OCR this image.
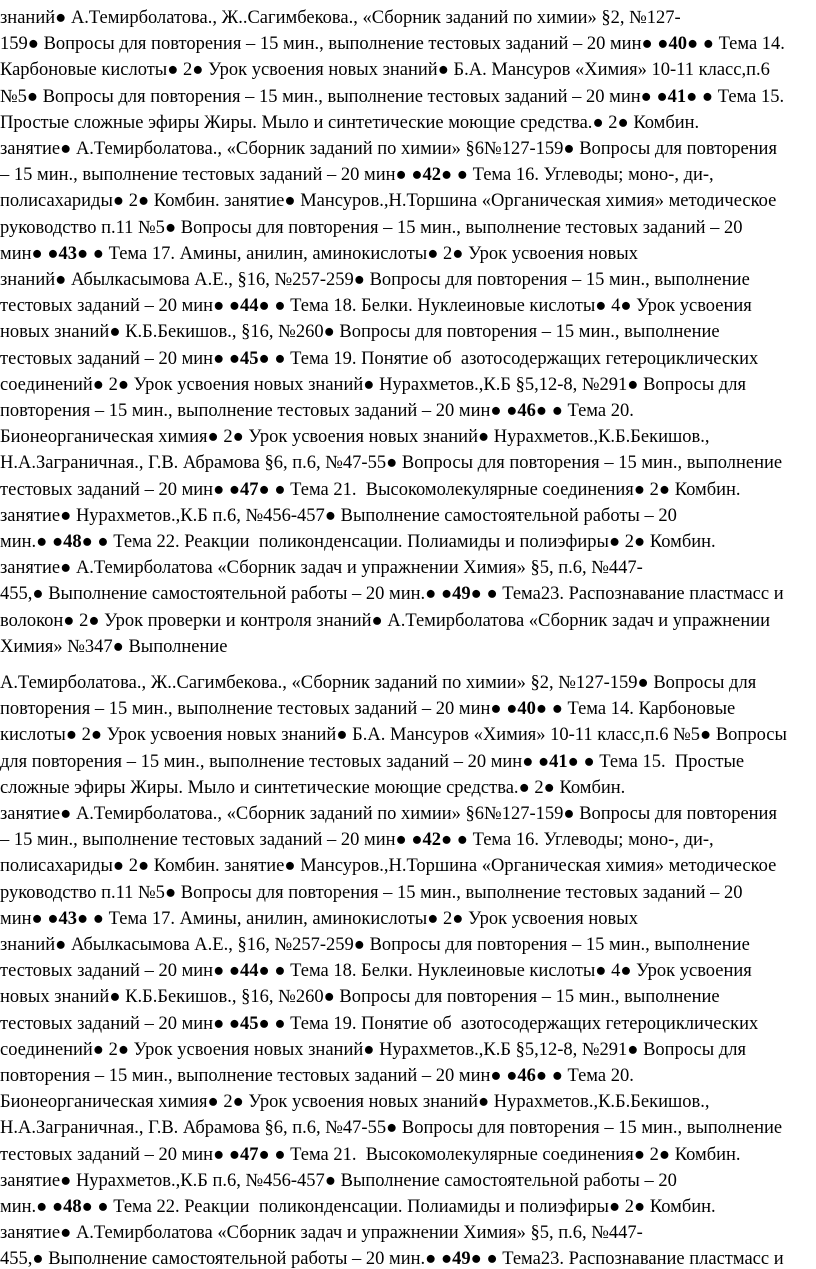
знаний● А.Темирболатова., Ж..Сагимбекова., «Сборник заданий по химии» §2, №127-
159● Вопросы для повторения – 15 мин., выполнение тестовых заданий – 20 мин● ●40● ● Тема 14.
Карбоновые кислоты● 2● Урок усвоения новых знаний● Б.А. Мансуров «Химия» 10-11 класс,п.6
№5● Вопросы для повторения – 15 мин., выполнение тестовых заданий – 20 мин● ●41● ● Тема 15.
Простые сложные эфиры Жиры. Мыло и синтетические моющие средства.● 2● Комбин.
занятие● А.Темирболатова., «Сборник заданий по химии» §6№127-159● Вопросы для повторения
– 15 мин., выполнение тестовых заданий – 20 мин● ●42● ● Тема 16. Углеводы; моно-, ди-,
полисахариды● 2● Комбин. занятие● Мансуров.,Н.Торшина «Органическая химия» методическое
руководство п.11 №5● Вопросы для повторения – 15 мин., выполнение тестовых заданий – 20
мин● ●43● ● Тема 17. Амины, анилин, аминокислоты● 2● Урок усвоения новых
знаний● Абылкасымова А.Е., §16, №257-259● Вопросы для повторения – 15 мин., выполнение
тестовых заданий – 20 мин● ●44● ● Тема 18. Белки. Нуклеиновые кислоты● 4● Урок усвоения
новых знаний● К.Б.Бекишов., §16, №260● Вопросы для повторения – 15 мин., выполнение
тестовых заданий – 20 мин● ●45● ● Тема 19. Понятие об  азотосодержащих гетероциклических
соединений● 2● Урок усвоения новых знаний● Нурахметов.,К.Б §5,12-8, №291● Вопросы для
повторения – 15 мин., выполнение тестовых заданий – 20 мин● ●46● ● Тема 20.
Бионеорганическая химия● 2● Урок усвоения новых знаний● Нурахметов.,К.Б.Бекишов.,
Н.А.Заграничная., Г.В. Абрамова §6, п.6, №47-55● Вопросы для повторения – 15 мин., выполнение
тестовых заданий – 20 мин● ●47● ● Тема 21.  Высокомолекулярные соединения● 2● Комбин.
занятие● Нурахметов.,К.Б п.6, №456-457● Выполнение самостоятельной работы – 20
мин.● ●48● ● Тема 22. Реакции  поликонденсации. Полиамиды и полиэфиры● 2● Комбин.
занятие● А.Темирболатова «Сборник задач и упражнении Химия» §5, п.6, №447-
455,● Выполнение самостоятельной работы – 20 мин.● ●49● ● Тема23. Распознавание пластмасс и
волокон● 2● Урок проверки и контроля знаний● А.Темирболатова «Сборник задач и упражнении
Химия» №347● Выполнение
А.Темирболатова., Ж..Сагимбекова., «Сборник заданий по химии» §2, №127-159● Вопросы для
повторения – 15 мин., выполнение тестовых заданий – 20 мин● ●40● ● Тема 14. Карбоновые
кислоты● 2● Урок усвоения новых знаний● Б.А. Мансуров «Химия» 10-11 класс,п.6 №5● Вопросы
для повторения – 15 мин., выполнение тестовых заданий – 20 мин● ●41● ● Тема 15.  Простые
сложные эфиры Жиры. Мыло и синтетические моющие средства.● 2● Комбин.
занятие● А.Темирболатова., «Сборник заданий по химии» §6№127-159● Вопросы для повторения
– 15 мин., выполнение тестовых заданий – 20 мин● ●42● ● Тема 16. Углеводы; моно-, ди-,
полисахариды● 2● Комбин. занятие● Мансуров.,Н.Торшина «Органическая химия» методическое
руководство п.11 №5● Вопросы для повторения – 15 мин., выполнение тестовых заданий – 20
мин● ●43● ● Тема 17. Амины, анилин, аминокислоты● 2● Урок усвоения новых
знаний● Абылкасымова А.Е., §16, №257-259● Вопросы для повторения – 15 мин., выполнение
тестовых заданий – 20 мин● ●44● ● Тема 18. Белки. Нуклеиновые кислоты● 4● Урок усвоения
новых знаний● К.Б.Бекишов., §16, №260● Вопросы для повторения – 15 мин., выполнение
тестовых заданий – 20 мин● ●45● ● Тема 19. Понятие об  азотосодержащих гетероциклических
соединений● 2● Урок усвоения новых знаний● Нурахметов.,К.Б §5,12-8, №291● Вопросы для
повторения – 15 мин., выполнение тестовых заданий – 20 мин● ●46● ● Тема 20.
Бионеорганическая химия● 2● Урок усвоения новых знаний● Нурахметов.,К.Б.Бекишов.,
Н.А.Заграничная., Г.В. Абрамова §6, п.6, №47-55● Вопросы для повторения – 15 мин., выполнение
тестовых заданий – 20 мин● ●47● ● Тема 21.  Высокомолекулярные соединения● 2● Комбин.
занятие● Нурахметов.,К.Б п.6, №456-457● Выполнение самостоятельной работы – 20
мин.● ●48● ● Тема 22. Реакции  поликонденсации. Полиамиды и полиэфиры● 2● Комбин.
занятие● А.Темирболатова «Сборник задач и упражнении Химия» §5, п.6, №447-
455,● Выполнение самостоятельной работы – 20 мин.● ●49● ● Тема23. Распознавание пластмасс и
